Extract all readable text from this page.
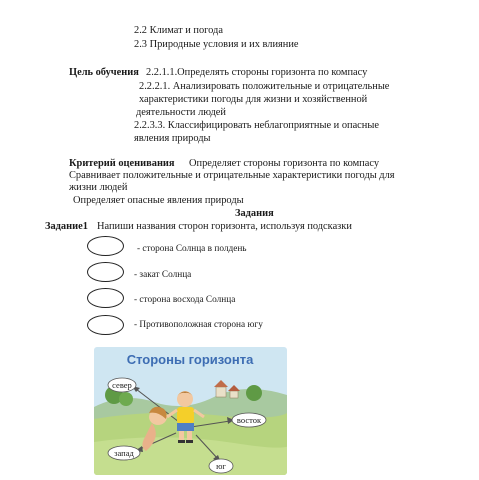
2.2 Климат и погода
2.3 Природные условия и их влияние
Цель обучения 2.2.1.1.Определять стороны горизонта по компасу
2.2.2.1. Анализировать положительные и отрицательные
характеристики погоды для жизни и хозяйственной
деятельности людей
2.2.3.3. Классифицировать неблагоприятные и опасные
явления природы
Критерий оценивания Определяет стороны горизонта по компасу
Сравнивает положительные и отрицательные характеристики погоды для
жизни людей
Определяет опасные явления природы
Задания
Задание1 Напиши названия сторон горизонта, используя подсказки
- сторона Солнца в полдень
- закат Солнца
- сторона восхода Солнца
- Противоположная сторона югу
Стороны горизонта
север
восток
запад
юг
